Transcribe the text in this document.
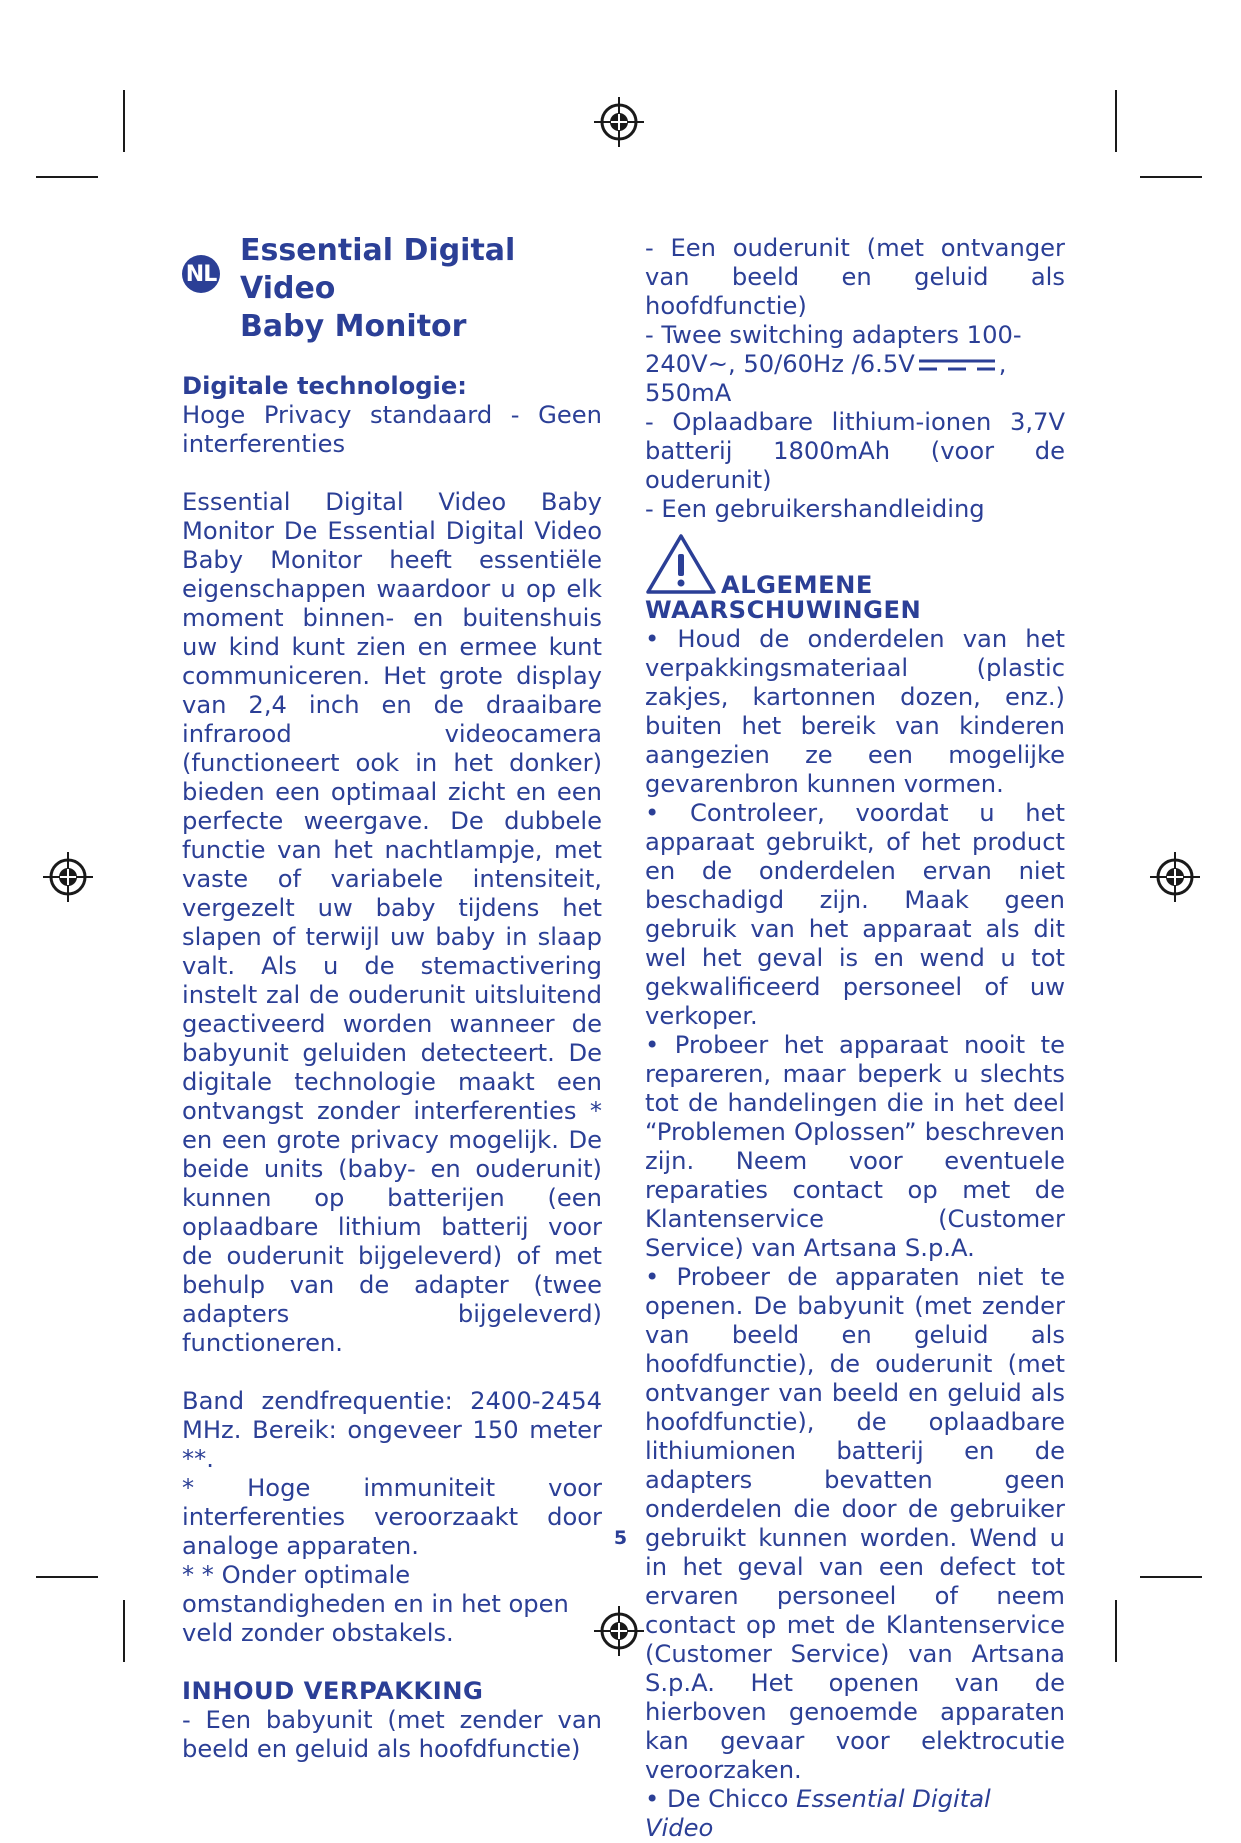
NL
Essential Digital Video
Baby Monitor

Digitale technologie:

Hoge Privacy standaard - Geen interferenties

Essential Digital Video Baby Monitor De Essential Digital Video Baby Monitor heeft essentiële eigenschappen waardoor u op elk moment binnen- en buitenshuis uw kind kunt zien en ermee kunt communiceren. Het grote display van 2,4 inch en de draaibare infrarood videocamera (functioneert ook in het donker) bieden een optimaal zicht en een perfecte weergave. De dubbele functie van het nachtlampje, met vaste of variabele intensiteit, vergezelt uw baby tijdens het slapen of terwijl uw baby in slaap valt. Als u de stemactivering instelt zal de ouderunit uitsluitend geactiveerd worden wanneer de babyunit geluiden detecteert. De digitale technologie maakt een ontvangst zonder interferenties * en een grote privacy mogelijk. De beide units (baby- en ouderunit) kunnen op batterijen (een oplaadbare lithium batterij voor de ouderunit bijgeleverd) of met behulp van de adapter (twee adapters bijgeleverd) functioneren.

Band zendfrequentie: 2400-2454 MHz. Bereik: ongeveer 150 meter **.

* Hoge immuniteit voor interferenties veroorzaakt door analoge apparaten.

* * Onder optimale omstandigheden en in het open veld zonder obstakels.

INHOUD VERPAKKING

- Een babyunit (met zender van beeld en geluid als hoofdfunctie)

- Een ouderunit (met ontvanger van beeld en geluid als hoofdfunctie)

- Twee switching adapters 100-240V~, 50/60Hz /6.5V	, 550mA

- Oplaadbare lithium-ionen 3,7V batterij 1800mAh (voor de ouderunit)

- Een gebruikershandleiding

ALGEMENE

WAARSCHUWINGEN

• Houd de onderdelen van het verpakkingsmateriaal (plastic zakjes, kartonnen dozen, enz.) buiten het bereik van kinderen aangezien ze een mogelijke gevarenbron kunnen vormen.

• Controleer, voordat u het apparaat gebruikt, of het product en de onderdelen ervan niet beschadigd zijn. Maak geen gebruik van het apparaat als dit wel het geval is en wend u tot gekwalificeerd personeel of uw verkoper.

• Probeer het apparaat nooit te repareren, maar beperk u slechts tot de handelingen die in het deel “Problemen Oplossen” beschreven zijn. Neem voor eventuele reparaties contact op met de Klantenservice (Customer Service) van Artsana S.p.A.

• Probeer de apparaten niet te openen. De babyunit (met zender van beeld en geluid als hoofdfunctie), de ouderunit (met ontvanger van beeld en geluid als hoofdfunctie), de oplaadbare lithiumionen batterij en de adapters bevatten geen onderdelen die door de gebruiker gebruikt kunnen worden. Wend u in het geval van een defect tot ervaren personeel of neem contact op met de Klantenservice (Customer Service) van Artsana S.p.A. Het openen van de hierboven genoemde apparaten kan gevaar voor elektrocutie veroorzaken.

• De Chicco Essential Digital Video

5
